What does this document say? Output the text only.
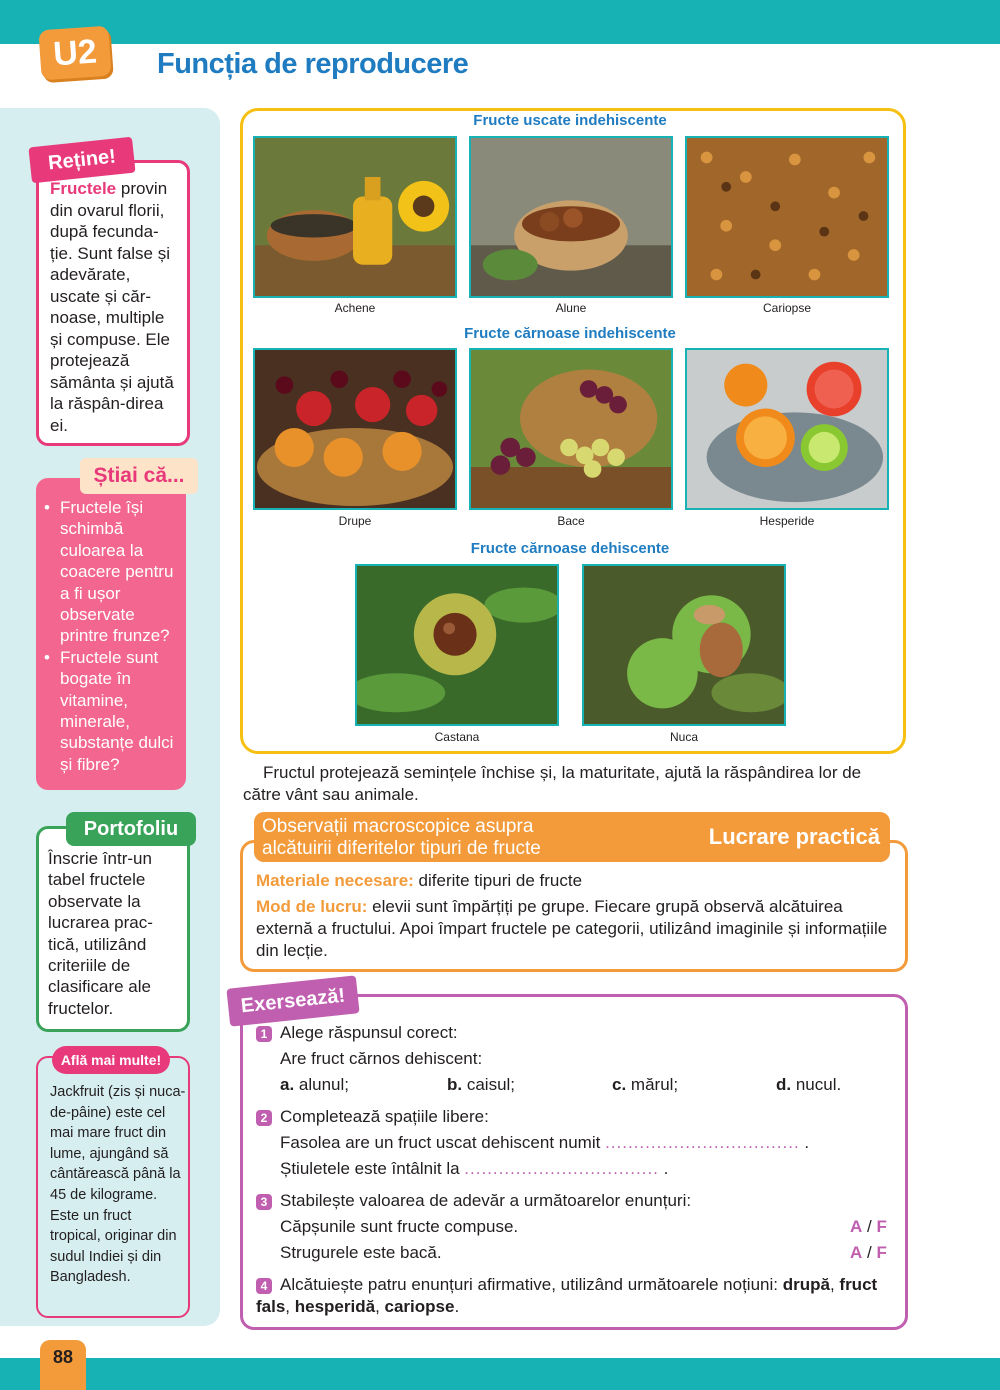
U2	Funcția de reproducere
Reține!
Fructele provin din ovarul florii, după fecunda-ție. Sunt false și adevărate, uscate și căr-noase, multiple și compuse. Ele protejează sământa și ajută la răspân-direa ei.
Știai că...
• Fructele își schimbă culoarea la coacere pentru a fi ușor observate printre frunze?
• Fructele sunt bogate în vitamine, minerale, substanțe dulci și fibre?
Portofoliu
Înscrie într-un tabel fructele observate la lucrarea prac-tică, utilizând criteriile de clasificare ale fructelor.
Află mai multe!
Jackfruit (zis și nuca-de-pâine) este cel mai mare fruct din lume, ajungând să cântărească până la 45 de kilograme. Este un fruct tropical, originar din sudul Indiei și din Bangladesh.
88
Fructe uscate indehiscente
Achene	Alune	Cariopse
Fructe cărnoase indehiscente
Drupe	Bace	Hesperide
Fructe cărnoase dehiscente
Castana	Nuca
Fructul protejează semințele închise și, la maturitate, ajută la răspândirea lor de către vânt sau animale.
Observații macroscopice asupra alcătuirii diferitelor tipuri de fructe	Lucrare practică
Materiale necesare: diferite tipuri de fructe
Mod de lucru: elevii sunt împărțiți pe grupe. Fiecare grupă observă alcătuirea externă a fructului. Apoi împart fructele pe categorii, utilizând imaginile și informațiile din lecție.
Exersează!
1 Alege răspunsul corect:
Are fruct cărnos dehiscent:
a. alunul;	b. caisul;	c. mărul;	d. nucul.
2 Completează spațiile libere:
Fasolea are un fruct uscat dehiscent numit .................................. .
Știuletele este întâlnit la .................................. .
3 Stabilește valoarea de adevăr a următoarelor enunțuri:
Căpșunile sunt fructe compuse.	A / F
Strugurele este bacă.	A / F
4 Alcătuiește patru enunțuri afirmative, utilizând următoarele noțiuni: drupă, fruct fals, hesperidă, cariopse.
